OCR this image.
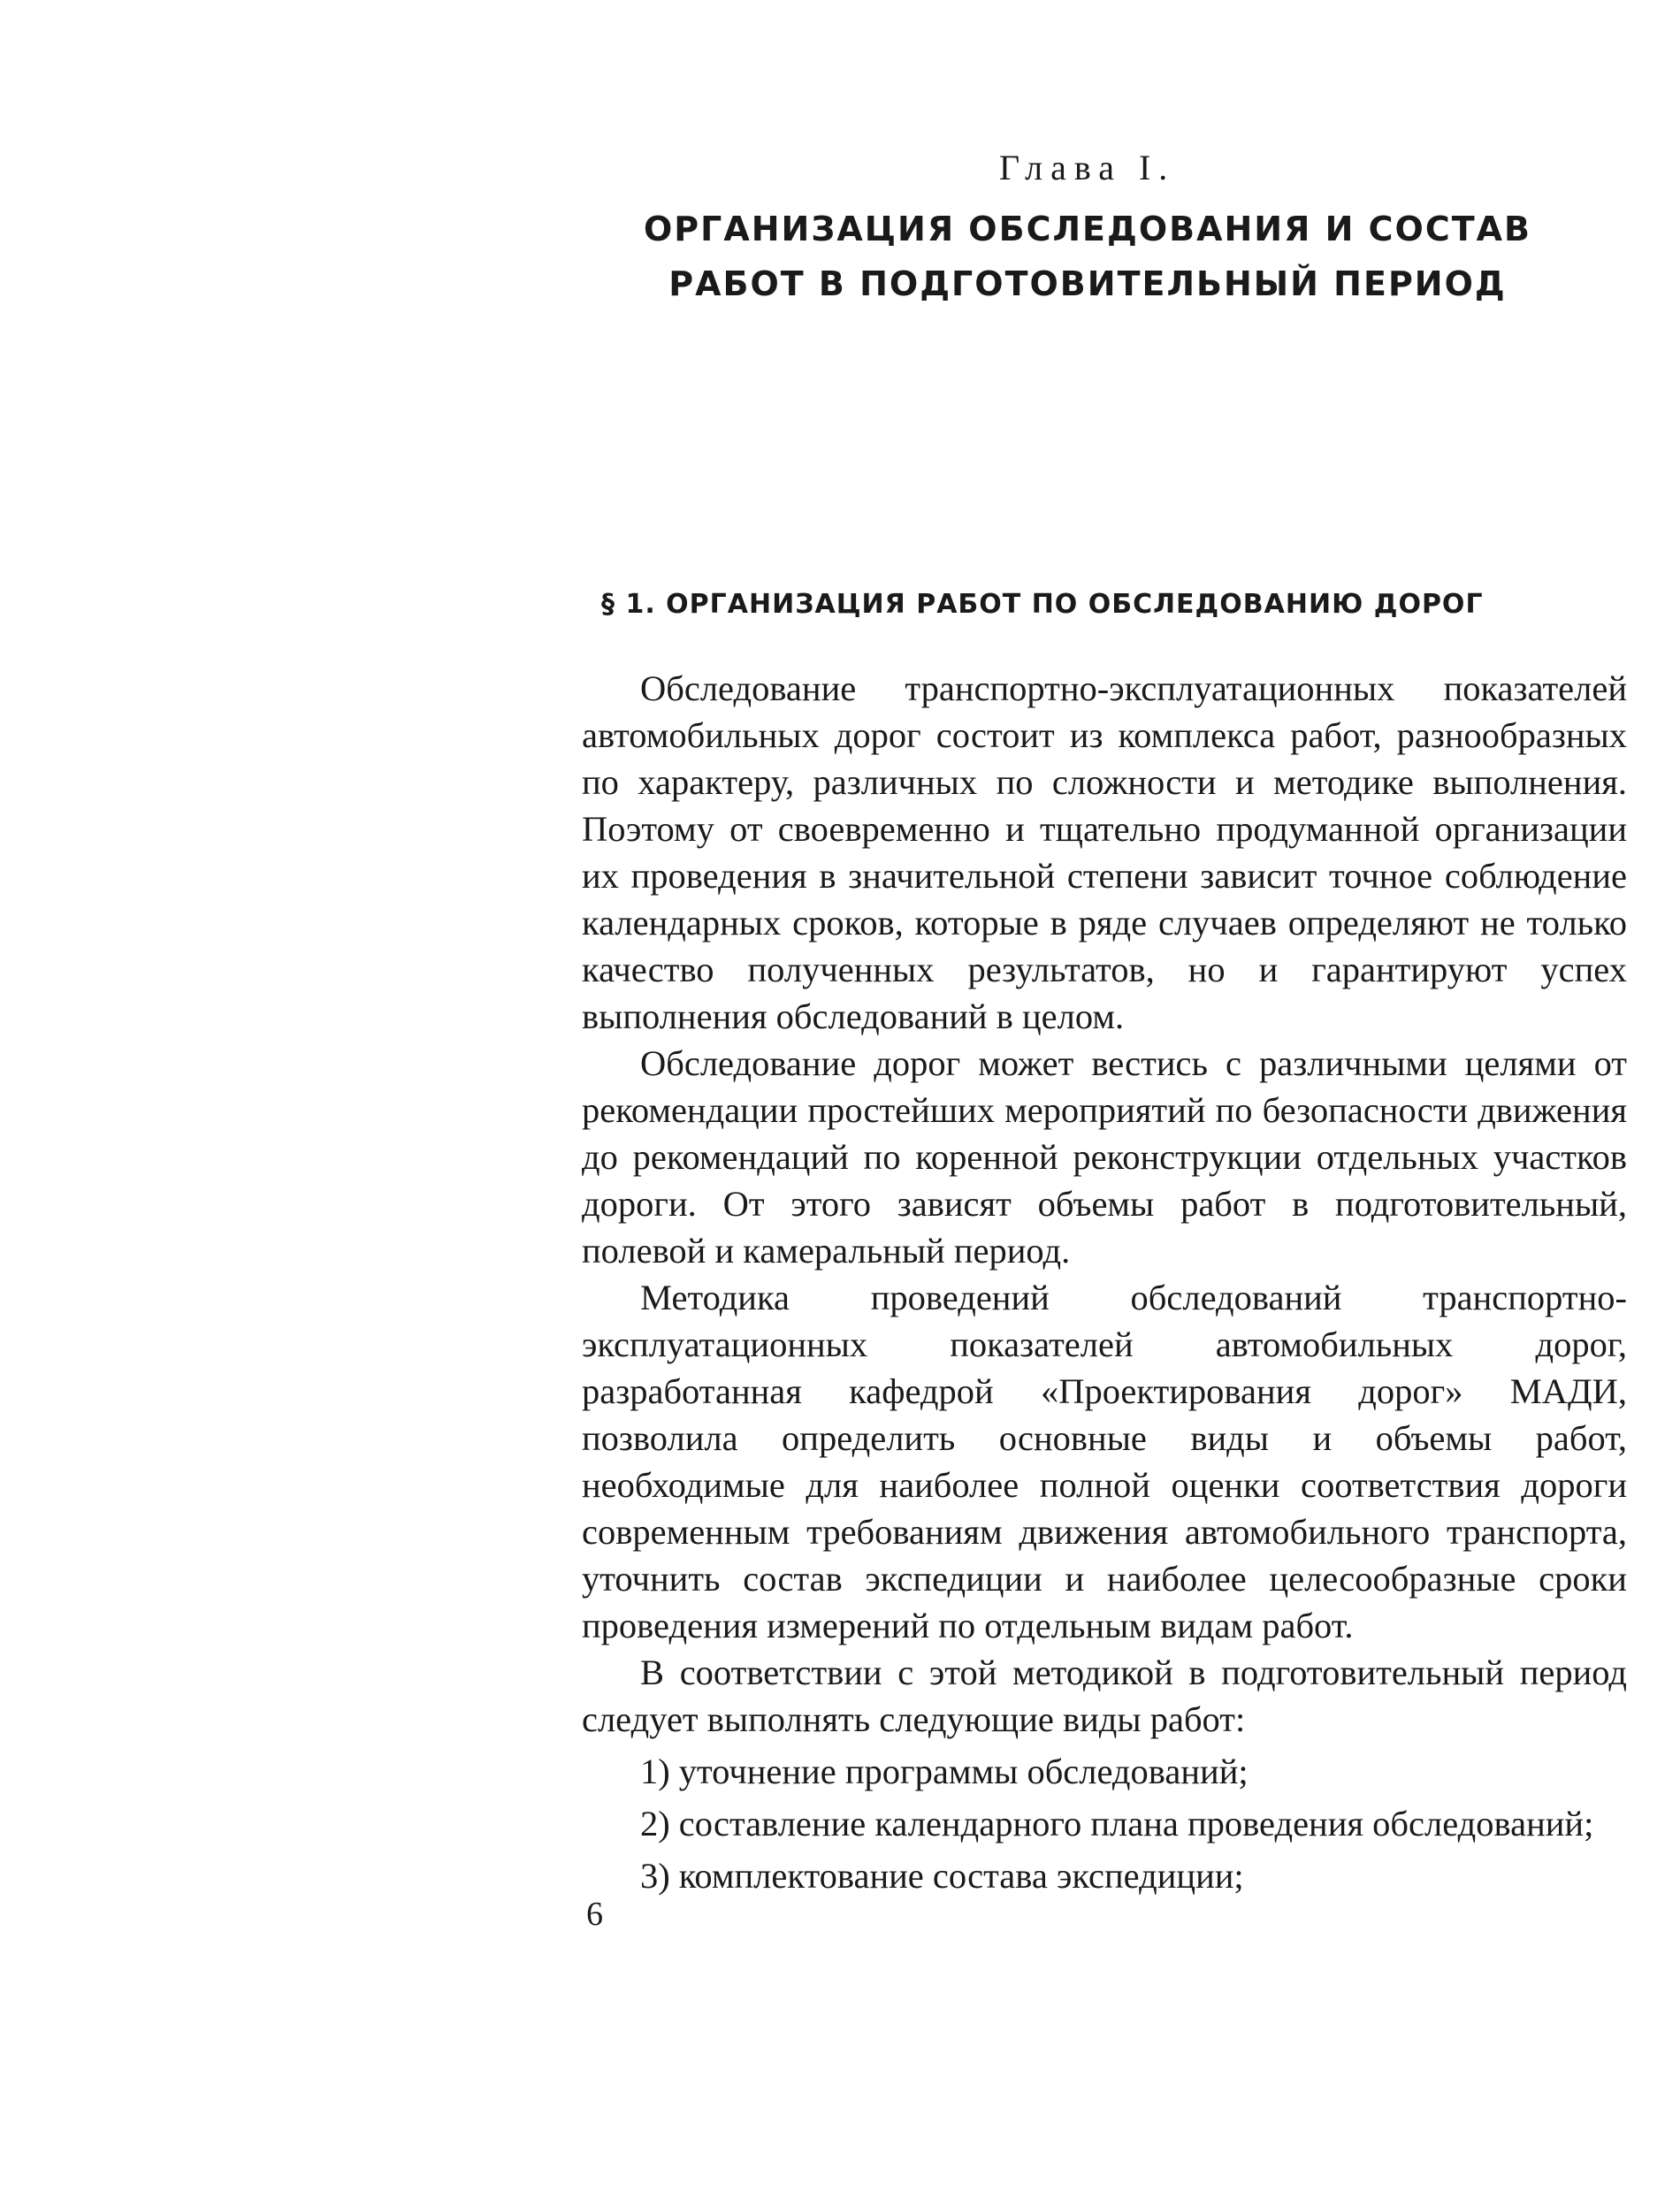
Глава I.
ОРГАНИЗАЦИЯ ОБСЛЕДОВАНИЯ И СОСТАВ
РАБОТ В ПОДГОТОВИТЕЛЬНЫЙ ПЕРИОД
§ 1. ОРГАНИЗАЦИЯ РАБОТ ПО ОБСЛЕДОВАНИЮ ДОРОГ

Обследование транспортно-эксплуатационных показателей автомобильных дорог состоит из комплекса работ, разнообразных по характеру, различных по сложности и методике выполнения. Поэтому от своевременно и тщательно продуманной организации их проведения в значительной степени зависит точное соблюдение календарных сроков, которые в ряде случаев определяют не только качество полученных результатов, но и гарантируют успех выполнения обследований в целом.

Обследование дорог может вестись с различными целями от рекомендации простейших мероприятий по безопасности движения до рекомендаций по коренной реконструкции отдельных участков дороги. От этого зависят объемы работ в подготовительный, полевой и камеральный период.

Методика проведений обследований транспортно-эксплуатационных показателей автомобильных дорог, разработанная кафедрой «Проектирования дорог» МАДИ, позволила определить основные виды и объемы работ, необходимые для наиболее полной оценки соответствия дороги современным требованиям движения автомобильного транспорта, уточнить состав экспедиции и наиболее целесообразные сроки проведения измерений по отдельным видам работ.

В соответствии с этой методикой в подготовительный период следует выполнять следующие виды работ:

1) уточнение программы обследований;
2) составление календарного плана проведения обследований;
3) комплектование состава экспедиции;
6
